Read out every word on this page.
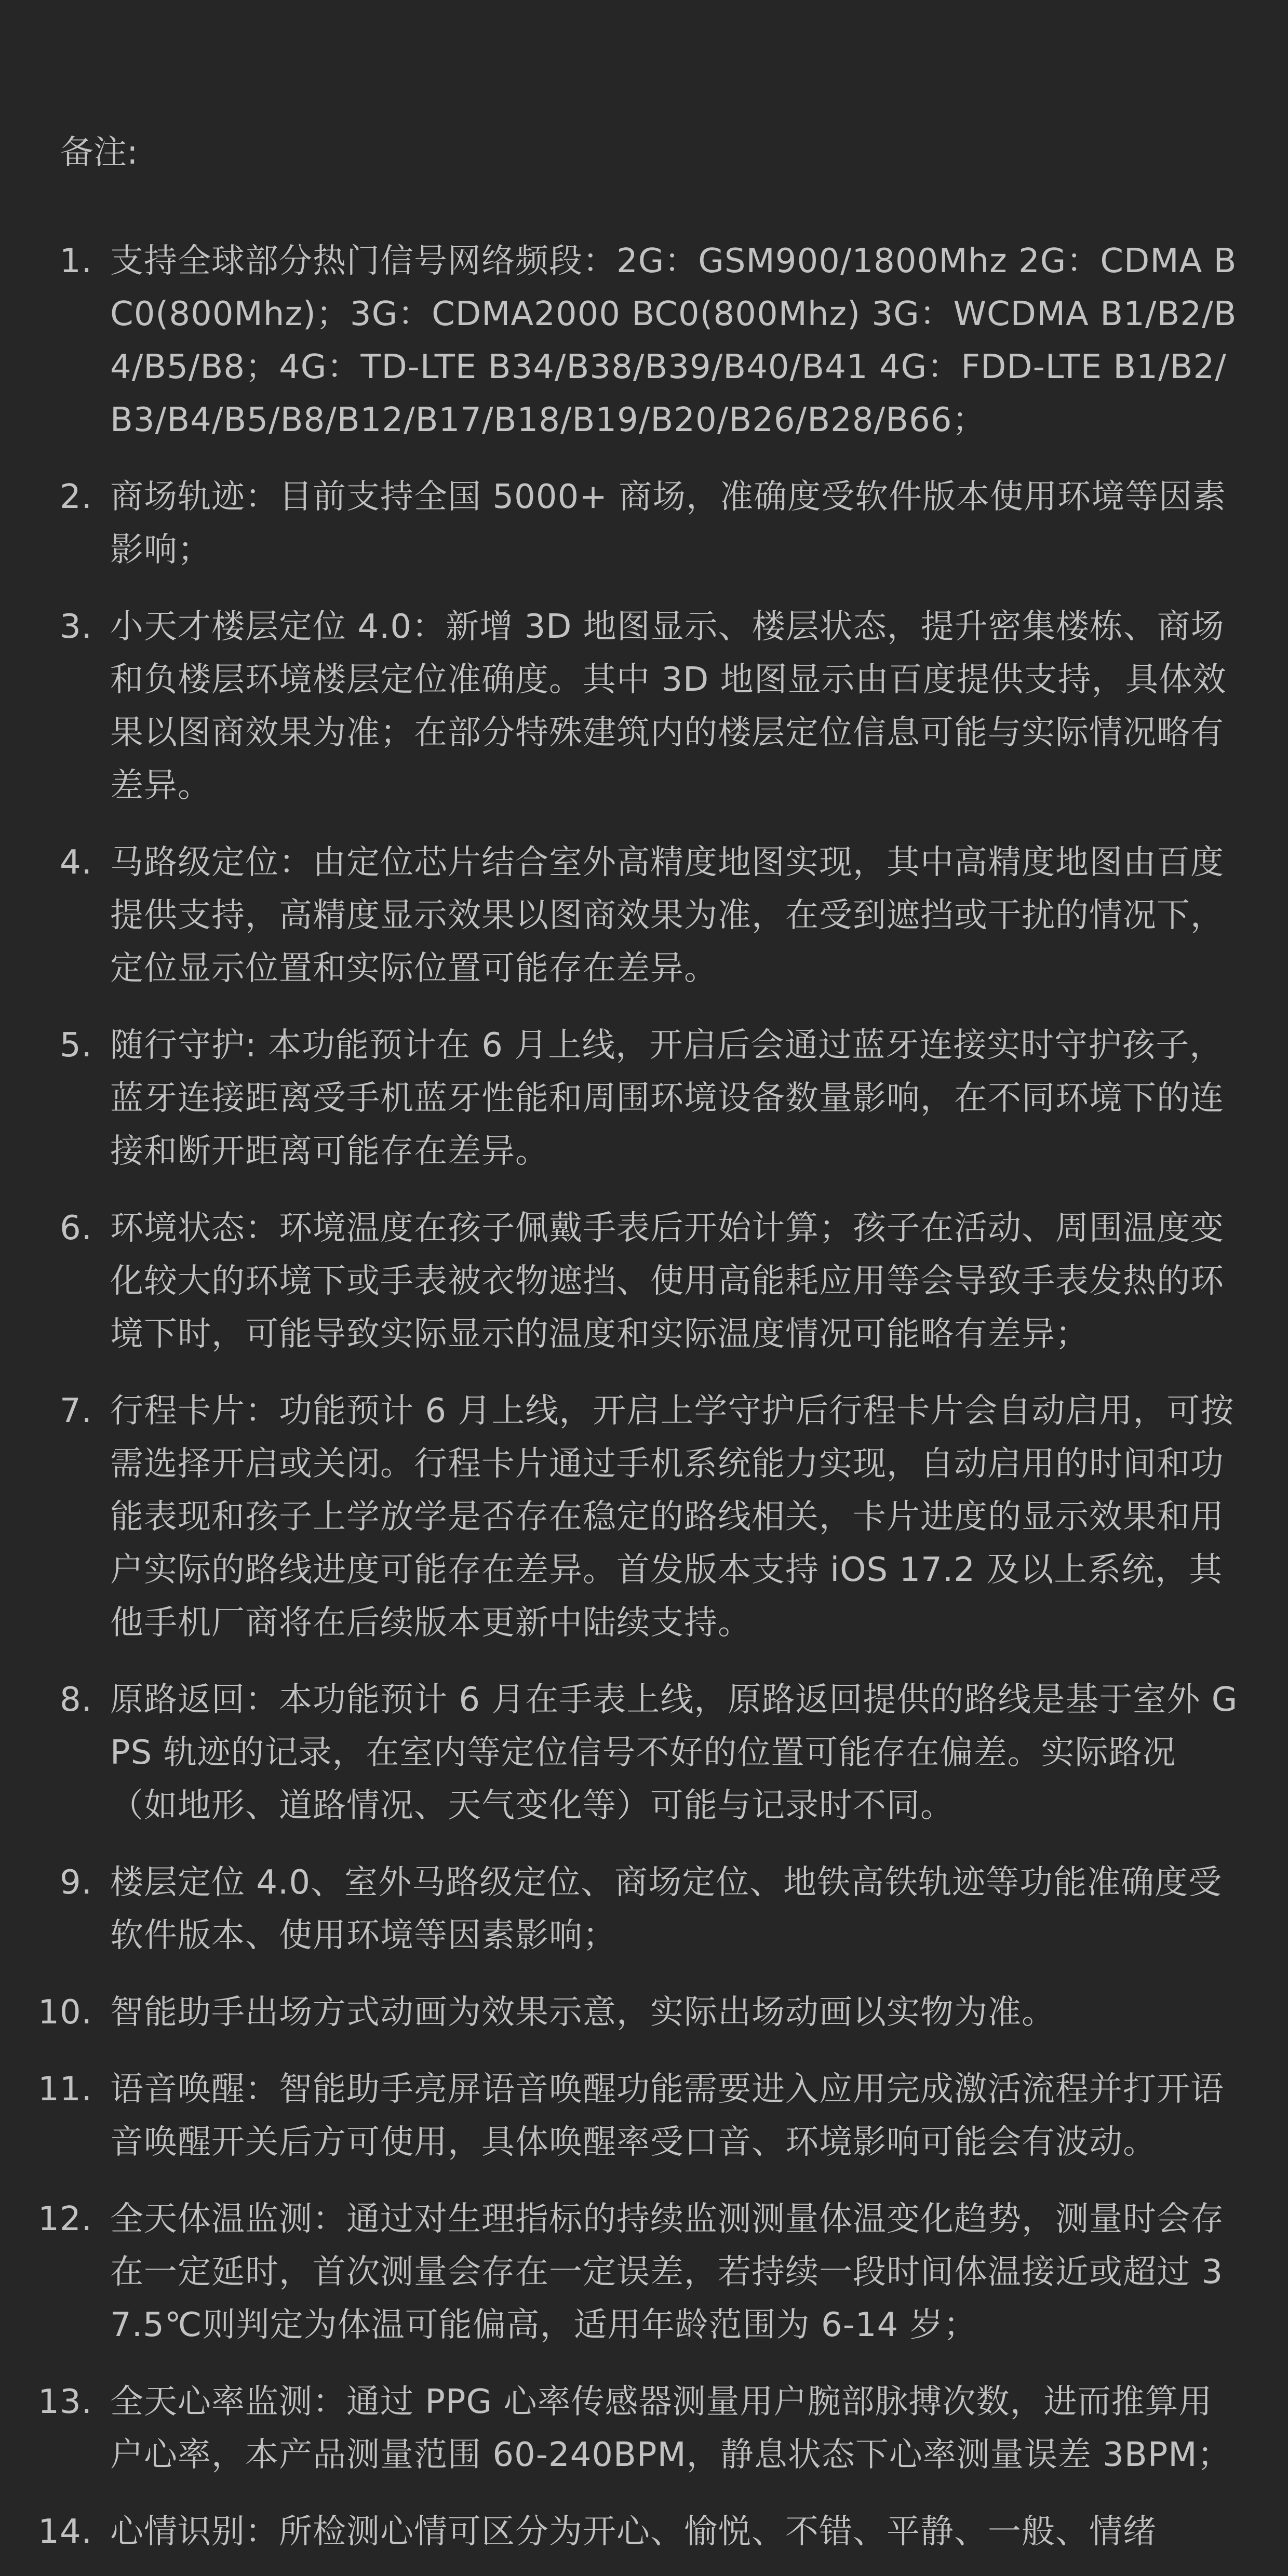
备注:
1. 支持全球部分热门信号网络频段：2G：GSM900/1800Mhz 2G：CDMA BC0(800Mhz)；3G：CDMA2000 BC0(800Mhz) 3G：WCDMA B1/B2/B4/B5/B8；4G：TD-LTE B34/B38/B39/B40/B41 4G：FDD-LTE B1/B2/B3/B4/B5/B8/B12/B17/B18/B19/B20/B26/B28/B66；
2. 商场轨迹：目前支持全国 5000+ 商场，准确度受软件版本使用环境等因素影响；
3. 小天才楼层定位 4.0：新增 3D 地图显示、楼层状态，提升密集楼栋、商场和负楼层环境楼层定位准确度。其中 3D 地图显示由百度提供支持，具体效果以图商效果为准；在部分特殊建筑内的楼层定位信息可能与实际情况略有差异。
4. 马路级定位：由定位芯片结合室外高精度地图实现，其中高精度地图由百度提供支持，高精度显示效果以图商效果为准，在受到遮挡或干扰的情况下，定位显示位置和实际位置可能存在差异。
5. 随行守护: 本功能预计在 6 月上线，开启后会通过蓝牙连接实时守护孩子，蓝牙连接距离受手机蓝牙性能和周围环境设备数量影响，在不同环境下的连接和断开距离可能存在差异。
6. 环境状态：环境温度在孩子佩戴手表后开始计算；孩子在活动、周围温度变化较大的环境下或手表被衣物遮挡、使用高能耗应用等会导致手表发热的环境下时，可能导致实际显示的温度和实际温度情况可能略有差异；
7. 行程卡片：功能预计 6 月上线，开启上学守护后行程卡片会自动启用，可按需选择开启或关闭。行程卡片通过手机系统能力实现，自动启用的时间和功能表现和孩子上学放学是否存在稳定的路线相关，卡片进度的显示效果和用户实际的路线进度可能存在差异。首发版本支持 iOS 17.2 及以上系统，其他手机厂商将在后续版本更新中陆续支持。
8. 原路返回：本功能预计 6 月在手表上线，原路返回提供的路线是基于室外 GPS 轨迹的记录，在室内等定位信号不好的位置可能存在偏差。实际路况（如地形、道路情况、天气变化等）可能与记录时不同。
9. 楼层定位 4.0、室外马路级定位、商场定位、地铁高铁轨迹等功能准确度受软件版本、使用环境等因素影响；
10. 智能助手出场方式动画为效果示意，实际出场动画以实物为准。
11. 语音唤醒：智能助手亮屏语音唤醒功能需要进入应用完成激活流程并打开语音唤醒开关后方可使用，具体唤醒率受口音、环境影响可能会有波动。
12. 全天体温监测：通过对生理指标的持续监测测量体温变化趋势，测量时会存在一定延时，首次测量会存在一定误差，若持续一段时间体温接近或超过 37.5℃则判定为体温可能偏高，适用年龄范围为 6-14 岁；
13. 全天心率监测：通过 PPG 心率传感器测量用户腕部脉搏次数，进而推算用户心率，本产品测量范围 60-240BPM，静息状态下心率测量误差 3BPM；
14. 心情识别：所检测心情可区分为开心、愉悦、不错、平静、一般、情绪
